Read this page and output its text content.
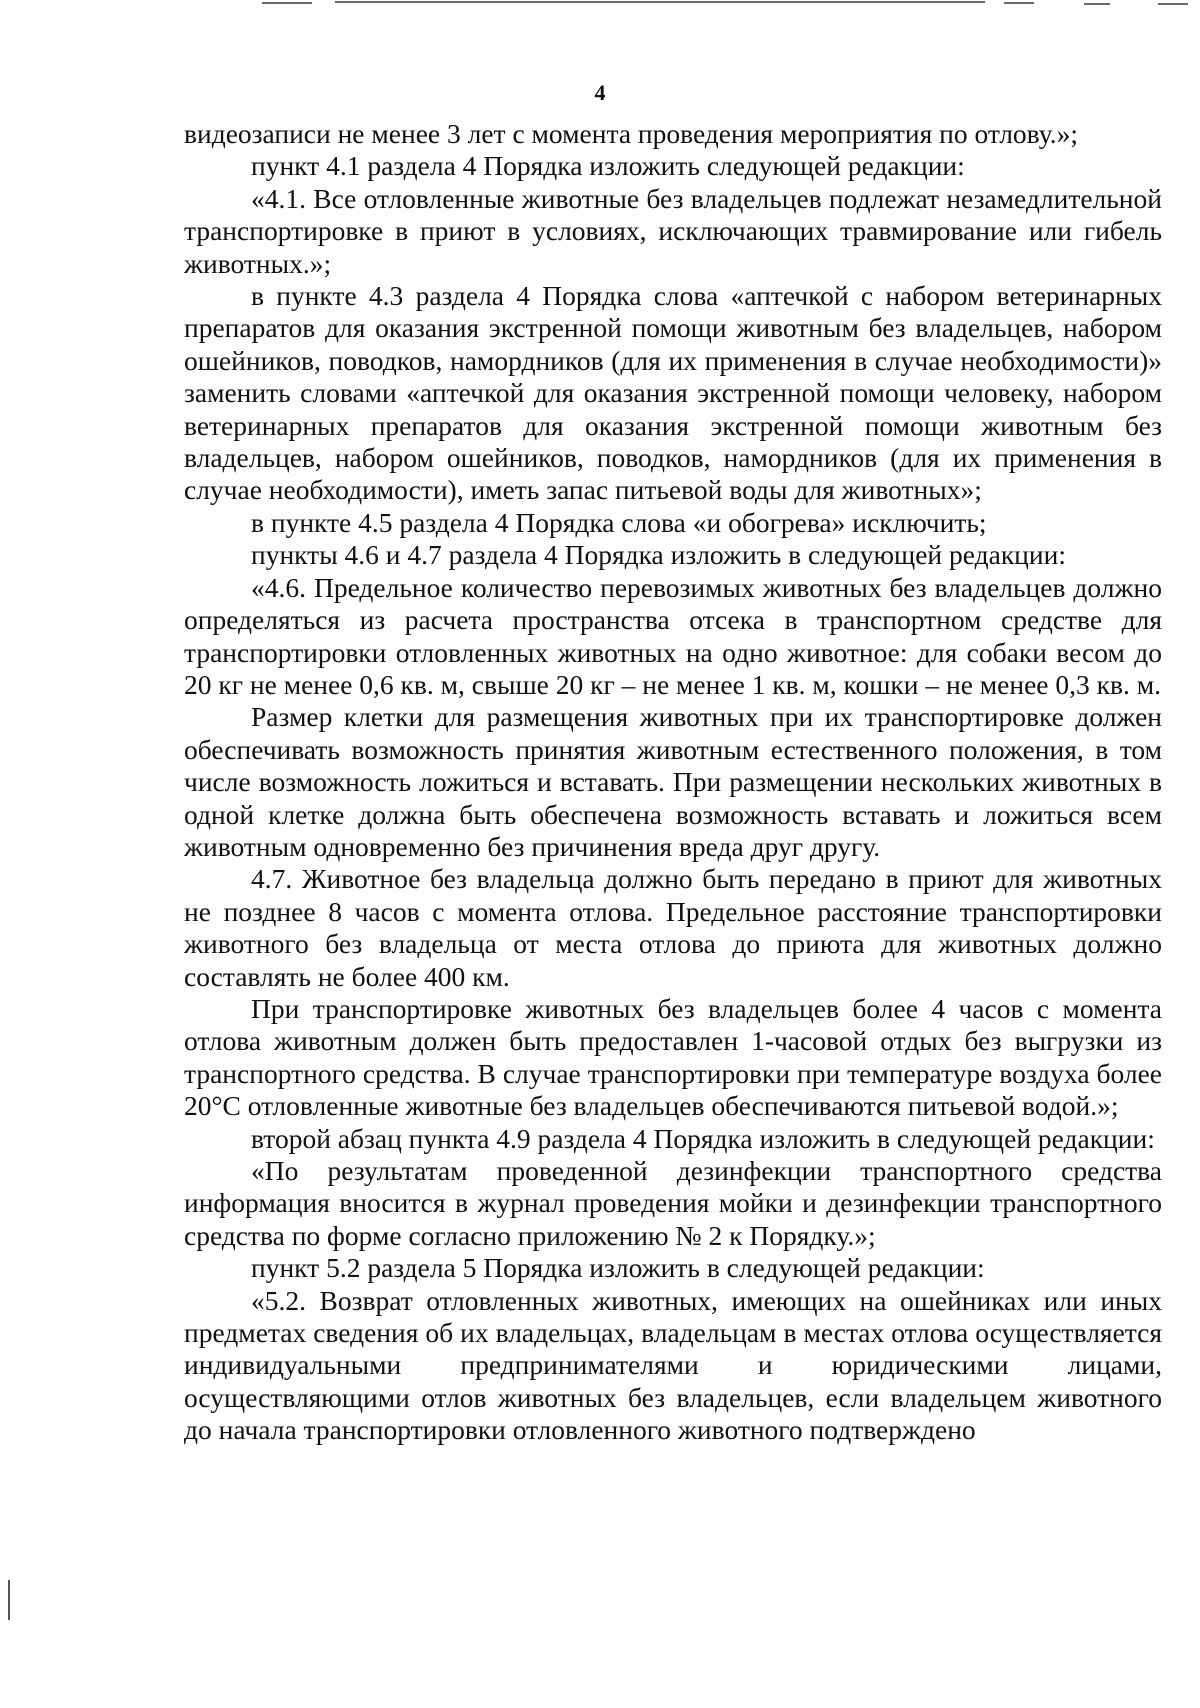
4

видеозаписи не менее 3 лет с момента проведения мероприятия по отлову.»;

пункт 4.1 раздела 4 Порядка изложить следующей редакции:

«4.1. Все отловленные животные без владельцев подлежат незамедлительной транспортировке в приют в условиях, исключающих травмирование или гибель животных.»;

в пункте 4.3 раздела 4 Порядка слова «аптечкой с набором ветеринарных препаратов для оказания экстренной помощи животным без владельцев, набором ошейников, поводков, намордников (для их применения в случае необходимости)» заменить словами «аптечкой для оказания экстренной помощи человеку, набором ветеринарных препаратов для оказания экстренной помощи животным без владельцев, набором ошейников, поводков, намордников (для их применения в случае необходимости), иметь запас питьевой воды для животных»;

в пункте 4.5 раздела 4 Порядка слова «и обогрева» исключить;

пункты 4.6 и 4.7 раздела 4 Порядка изложить в следующей редакции:

«4.6. Предельное количество перевозимых животных без владельцев должно определяться из расчета пространства отсека в транспортном средстве для транспортировки отловленных животных на одно животное: для собаки весом до 20 кг не менее 0,6 кв. м, свыше 20 кг – не менее 1 кв. м, кошки – не менее 0,3 кв. м.

Размер клетки для размещения животных при их транспортировке должен обеспечивать возможность принятия животным естественного положения, в том числе возможность ложиться и вставать. При размещении нескольких животных в одной клетке должна быть обеспечена возможность вставать и ложиться всем животным одновременно без причинения вреда друг другу.

4.7. Животное без владельца должно быть передано в приют для животных не позднее 8 часов с момента отлова. Предельное расстояние транспортировки животного без владельца от места отлова до приюта для животных должно составлять не более 400 км.

При транспортировке животных без владельцев более 4 часов с момента отлова животным должен быть предоставлен 1-часовой отдых без выгрузки из транспортного средства. В случае транспортировки при температуре воздуха более 20°С отловленные животные без владельцев обеспечиваются питьевой водой.»;

второй абзац пункта 4.9 раздела 4 Порядка изложить в следующей редакции:

«По результатам проведенной дезинфекции транспортного средства информация вносится в журнал проведения мойки и дезинфекции транспортного средства по форме согласно приложению № 2 к Порядку.»;

пункт 5.2 раздела 5 Порядка изложить в следующей редакции:

«5.2. Возврат отловленных животных, имеющих на ошейниках или иных предметах сведения об их владельцах, владельцам в местах отлова осуществляется индивидуальными предпринимателями и юридическими лицами, осуществляющими отлов животных без владельцев, если владельцем животного до начала транспортировки отловленного животного подтверждено
